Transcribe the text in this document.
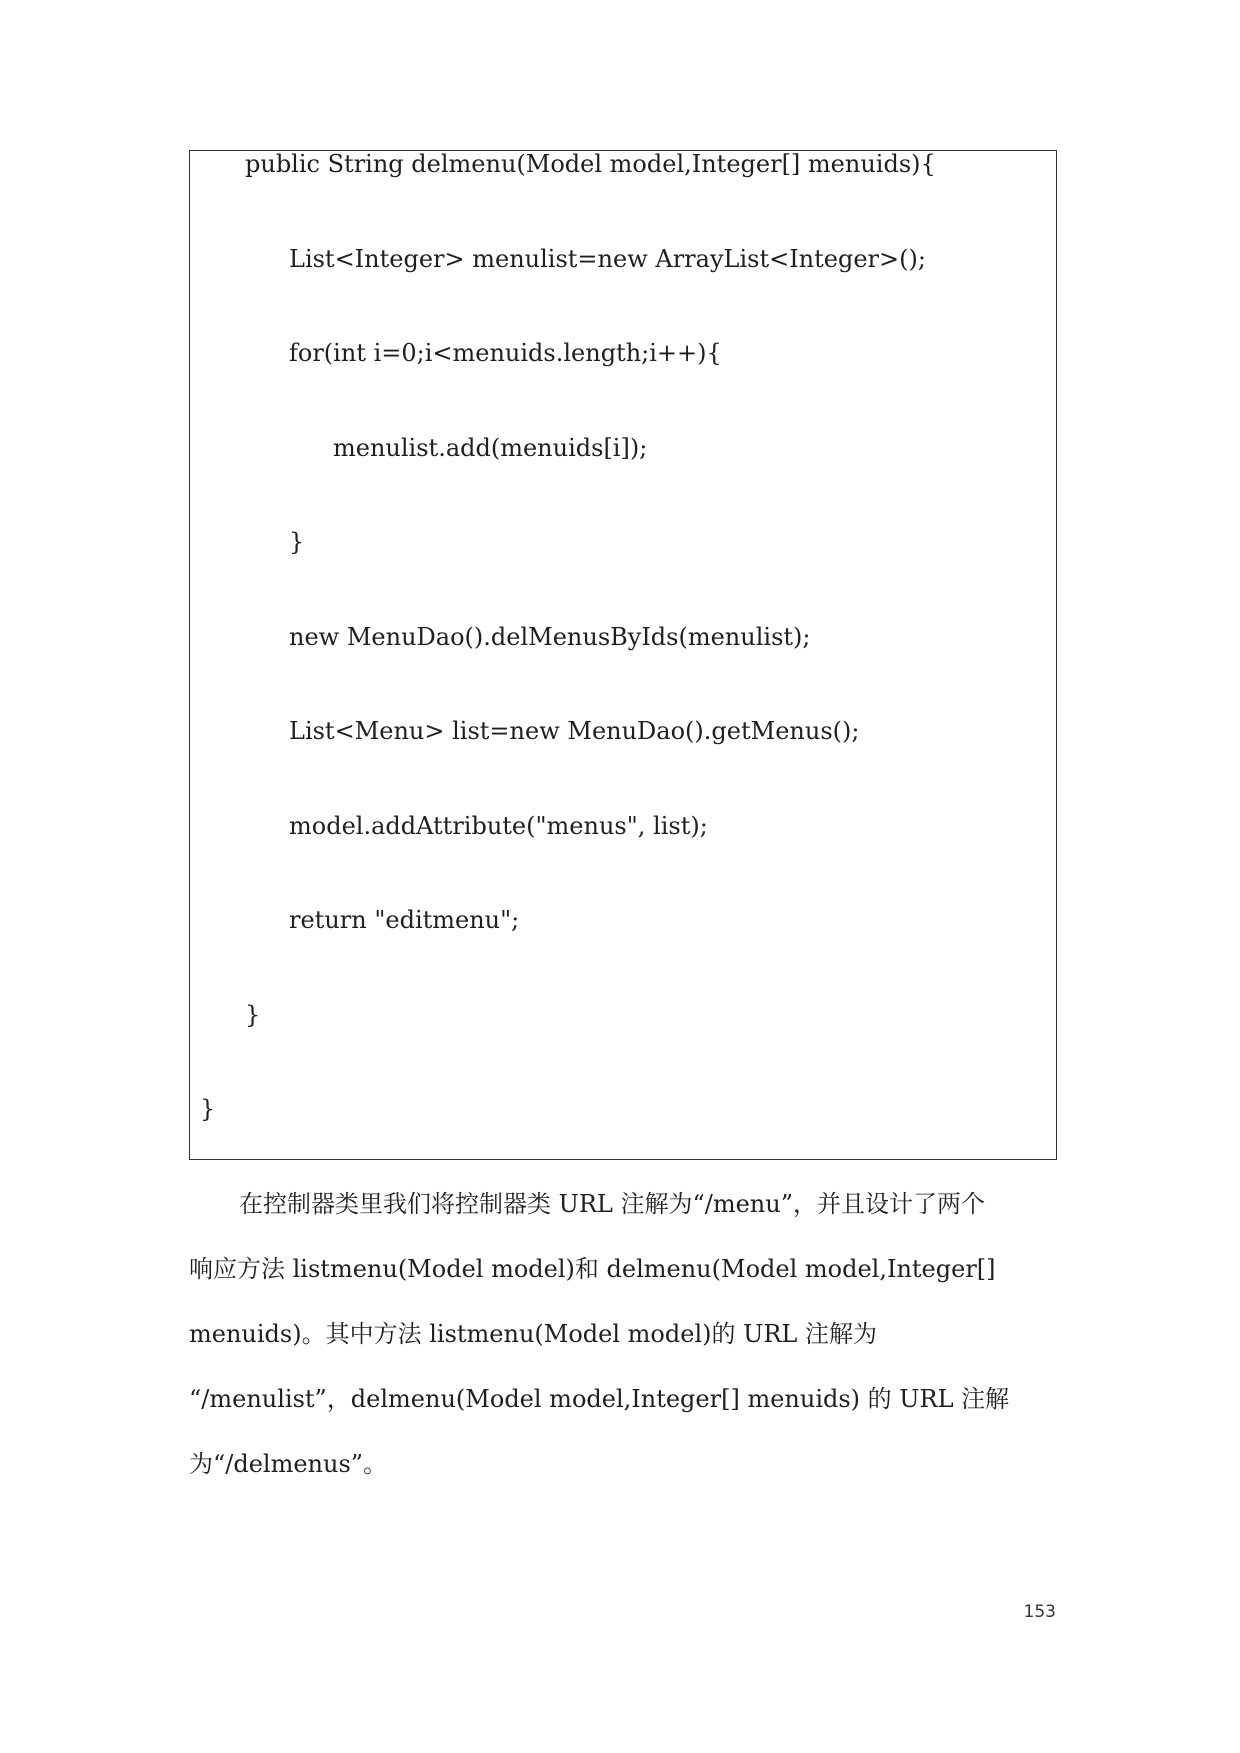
public String delmenu(Model model,Integer[] menuids){
List<Integer> menulist=new ArrayList<Integer>();
for(int i=0;i<menuids.length;i++){
menulist.add(menuids[i]);
}
new MenuDao().delMenusByIds(menulist);
List<Menu> list=new MenuDao().getMenus();
model.addAttribute("menus", list);
return "editmenu";
}
}
在控制器类里我们将控制器类 URL 注解为“/menu”，并且设计了两个
响应方法 listmenu(Model model)和 delmenu(Model model,Integer[]
menuids)。其中方法 listmenu(Model model)的 URL 注解为
“/menulist”，delmenu(Model model,Integer[] menuids) 的 URL 注解
为“/delmenus”。
153
